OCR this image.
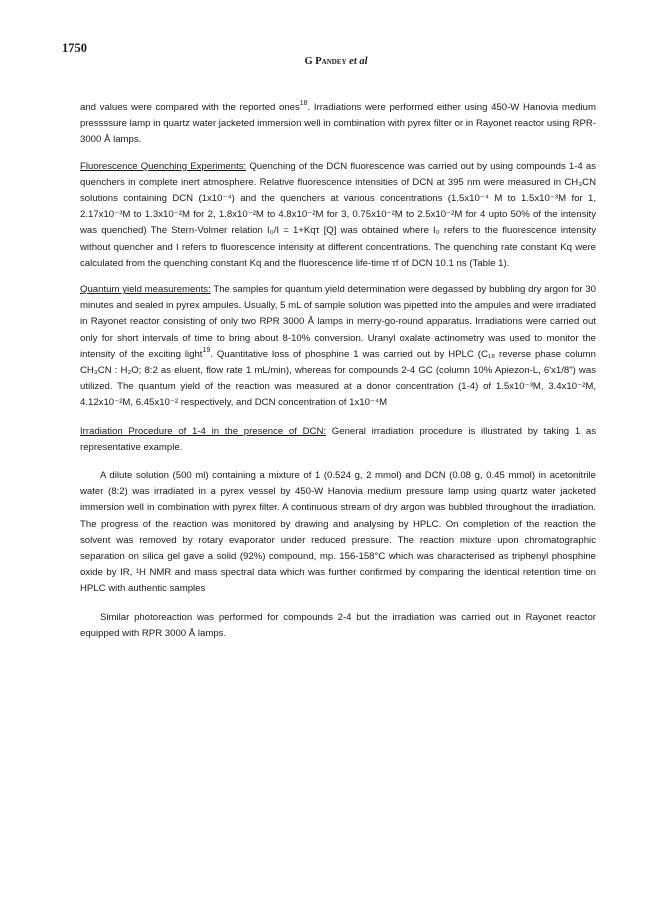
1750

G Pandey et al

and values were compared with the reported ones$^{18}$. Irradiations were performed either using 450-W Hanovia medium pressssure lamp in quartz water jacketed immersion well in combination with pyrex filter or in Rayonet reactor using RPR-3000 Å lamps.

Fluorescence Quenching Experiments: Quenching of the DCN fluorescence was carried out by using compounds 1-4 as quenchers in complete inert atmosphere. Relative fluorescence intensities of DCN at 395 nm were measured in CH₃CN solutions containing DCN (1x10⁻⁴) and the quenchers at various concentrations (1.5x10⁻⁴ M to 1.5x10⁻³M for 1, 2.17x10⁻³M to 1.3x10⁻²M for 2, 1.8x10⁻²M to 4.8x10⁻²M for 3, 0.75x10⁻²M to 2.5x10⁻²M for 4 upto 50% of the intensity was quenched) The Stern-Volmer relation I₀/I = 1+Kqτ [Q] was obtained where I₀ refers to the fluorescence intensity without quencher and I refers to fluorescence intensity at different concentrations. The quenching rate constant Kq were calculated from the quenching constant Kq and the fluorescence life-time τf of DCN 10.1 ns (Table 1).

Quantum yield measurements: The samples for quantum yield determination were degassed by bubbling dry argon for 30 minutes and sealed in pyrex ampules. Usually, 5 mL of sample solution was pipetted into the ampules and were irradiated in Rayonet reactor consisting of only two RPR 3000 Å lamps in merry-go-round apparatus. Irradiations were carried out only for short intervals of time to bring about 8-10% conversion. Uranyl oxalate actinometry was used to monitor the intensity of the exciting light$^{19}$. Quantitative loss of phosphine 1 was carried out by HPLC (C₁₈ reverse phase column CH₃CN : H₂O; 8:2 as eluent, flow rate 1 mL/min), whereas for compounds 2-4 GC (column 10% Apiezon-L, 6'x1/8") was utilized. The quantum yield of the reaction was measured at a donor concentration (1-4) of 1.5x10⁻³M, 3.4x10⁻²M, 4.12x10⁻²M, 6.45x10⁻² respectively, and DCN concentration of 1x10⁻⁴M

Irradiation Procedure of 1-4 in the presence of DCN: General irradiation procedure is illustrated by taking 1 as representative example.

A dilute solution (500 ml) containing a mixture of 1 (0.524 g, 2 mmol) and DCN (0.08 g, 0.45 mmol) in acetonitrile water (8:2) was irradiated in a pyrex vessel by 450-W Hanovia medium pressure lamp using quartz water jacketed immersion well in combination with pyrex filter. A continuous stream of dry argon was bubbled throughout the irradiation. The progress of the reaction was monitored by drawing and analysing by HPLC. On completion of the reaction the solvent was removed by rotary evaporator under reduced pressure. The reaction mixture upon chromatographic separation on silica gel gave a solid (92%) compound, mp. 156-158°C which was characterised as triphenyl phosphine oxide by IR, ¹H NMR and mass spectral data which was further confirmed by comparing the identical retention time on HPLC with authentic samples

Similar photoreaction was performed for compounds 2-4 but the irradiation was carried out in Rayonet reactor equipped with RPR 3000 Å lamps.
